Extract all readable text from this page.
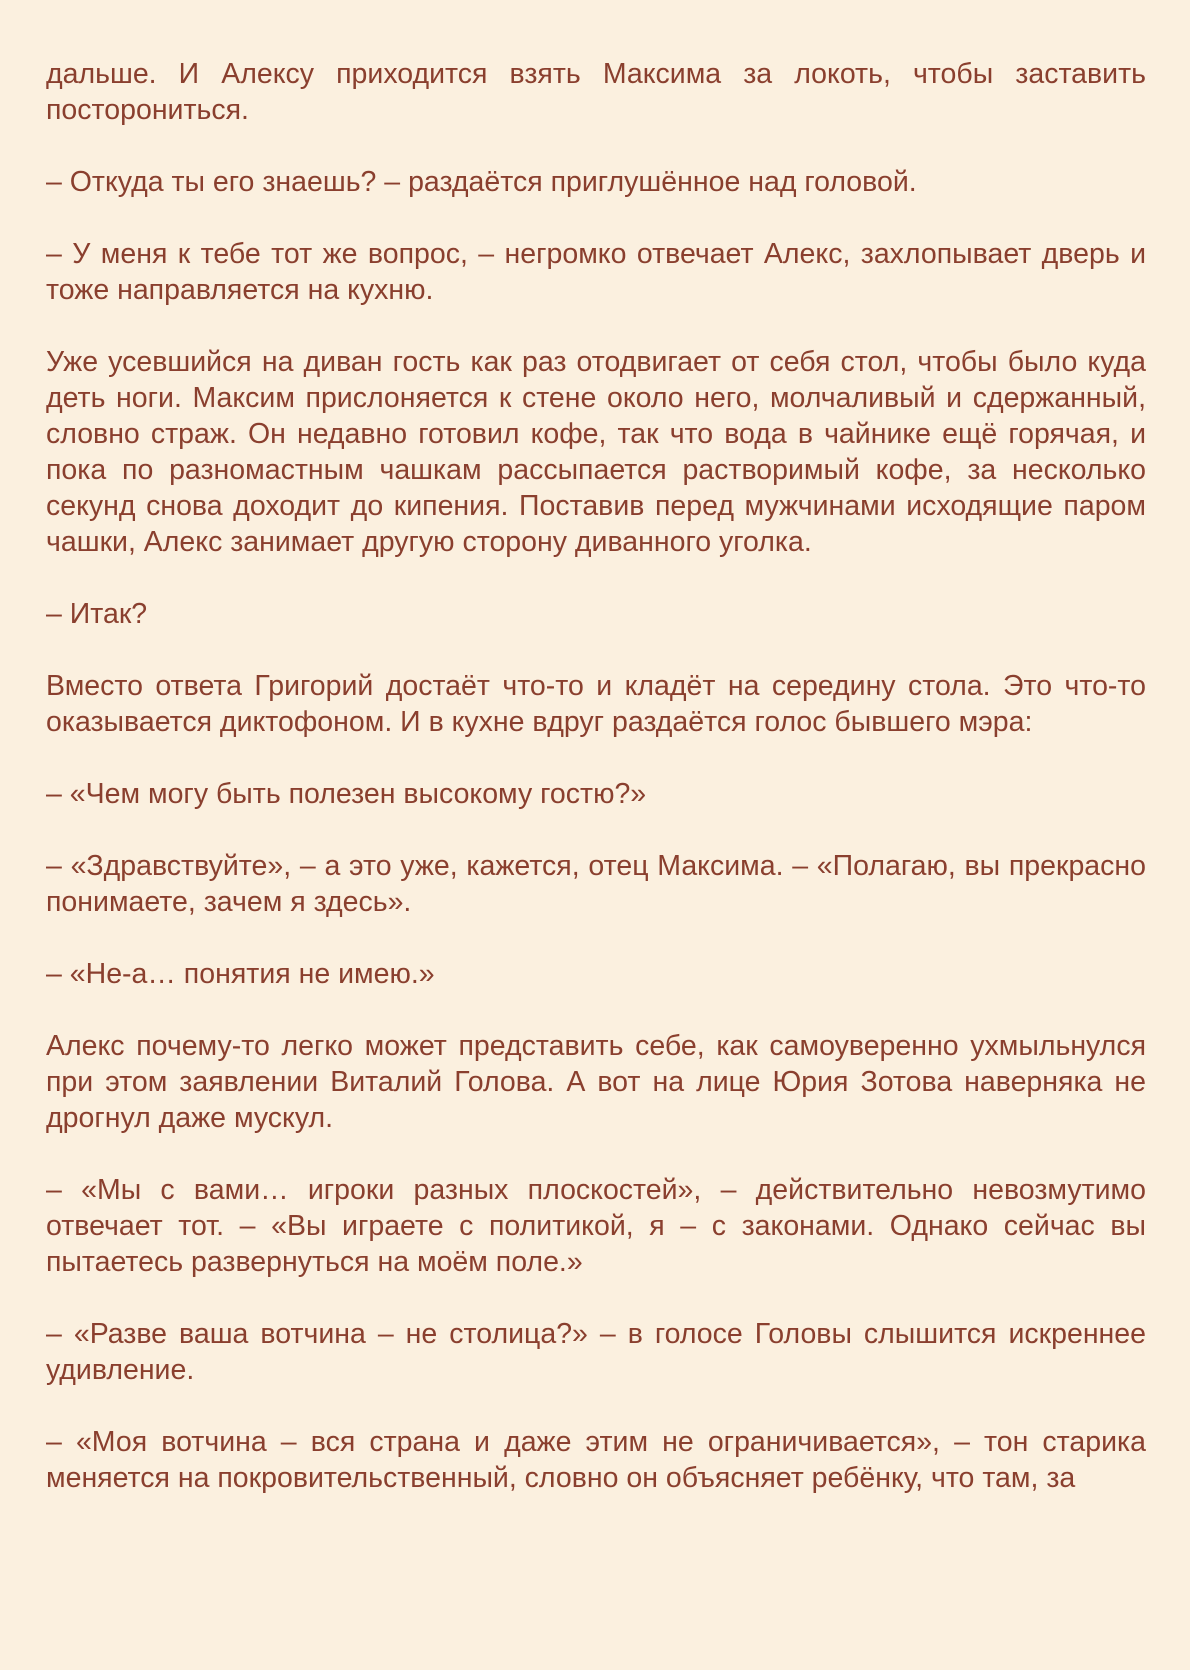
дальше. И Алексу приходится взять Максима за локоть, чтобы заставить посторониться.

– Откуда ты его знаешь? – раздаётся приглушённое над головой.

– У меня к тебе тот же вопрос, – негромко отвечает Алекс, захлопывает дверь и тоже направляется на кухню.

Уже усевшийся на диван гость как раз отодвигает от себя стол, чтобы было куда деть ноги. Максим прислоняется к стене около него, молчаливый и сдержанный, словно страж. Он недавно готовил кофе, так что вода в чайнике ещё горячая, и пока по разномастным чашкам рассыпается растворимый кофе, за несколько секунд снова доходит до кипения. Поставив перед мужчинами исходящие паром чашки, Алекс занимает другую сторону диванного уголка.

– Итак?

Вместо ответа Григорий достаёт что-то и кладёт на середину стола. Это что-то оказывается диктофоном. И в кухне вдруг раздаётся голос бывшего мэра:

– «Чем могу быть полезен высокому гостю?»

– «Здравствуйте», – а это уже, кажется, отец Максима. – «Полагаю, вы прекрасно понимаете, зачем я здесь».

– «Не-а… понятия не имею.»

Алекс почему-то легко может представить себе, как самоуверенно ухмыльнулся при этом заявлении Виталий Голова. А вот на лице Юрия Зотова наверняка не дрогнул даже мускул.

– «Мы с вами… игроки разных плоскостей», – действительно невозмутимо отвечает тот. – «Вы играете с политикой, я – с законами. Однако сейчас вы пытаетесь развернуться на моём поле.»

– «Разве ваша вотчина – не столица?» – в голосе Головы слышится искреннее удивление.

– «Моя вотчина – вся страна и даже этим не ограничивается», – тон старика меняется на покровительственный, словно он объясняет ребёнку, что там, за
